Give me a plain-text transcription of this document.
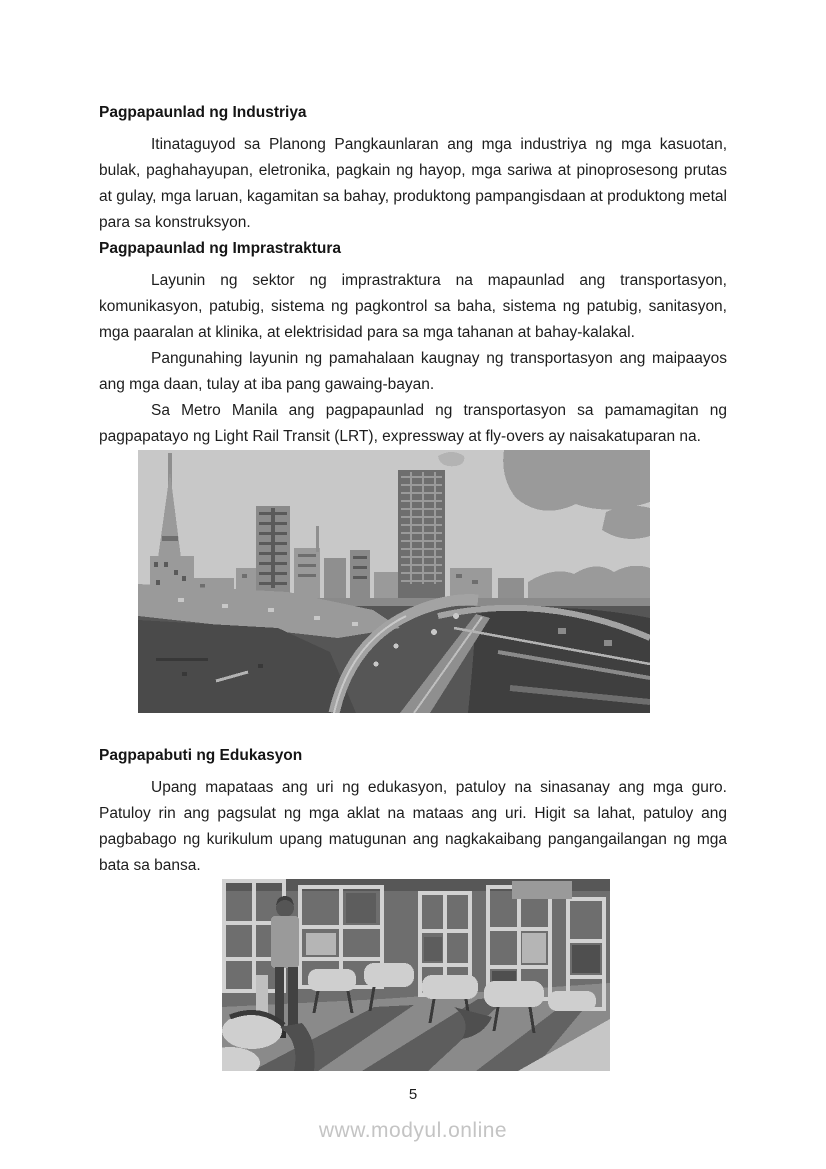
Pagpapaunlad ng Industriya

Itinataguyod sa Planong Pangkaunlaran ang mga industriya ng mga kasuotan, bulak, paghahayupan, eletronika, pagkain ng hayop, mga sariwa at pinoprosesong prutas at gulay, mga laruan, kagamitan sa bahay, produktong pampangisdaan at produktong metal para sa konstruksyon.

Pagpapaunlad ng Imprastraktura

Layunin ng sektor ng imprastraktura na mapaunlad ang transportasyon, komunikasyon, patubig, sistema ng pagkontrol sa baha, sistema ng patubig, sanitasyon, mga paaralan at klinika, at elektrisidad para sa mga tahanan at bahay-kalakal.

Pangunahing layunin ng pamahalaan kaugnay ng transportasyon ang maipaayos ang mga daan, tulay at iba pang gawaing-bayan.

Sa Metro Manila ang pagpapaunlad ng transportasyon sa pamamagitan ng pagpapatayo ng Light Rail Transit (LRT), expressway at fly-overs ay naisakatuparan na.

Pagpapabuti ng Edukasyon

Upang mapataas ang uri ng edukasyon, patuloy na sinasanay ang mga guro. Patuloy rin ang pagsulat ng mga aklat na mataas ang uri. Higit sa lahat, patuloy ang pagbabago ng kurikulum upang matugunan ang nagkakaibang pangangailangan ng mga bata sa bansa.

5
www.modyul.online
